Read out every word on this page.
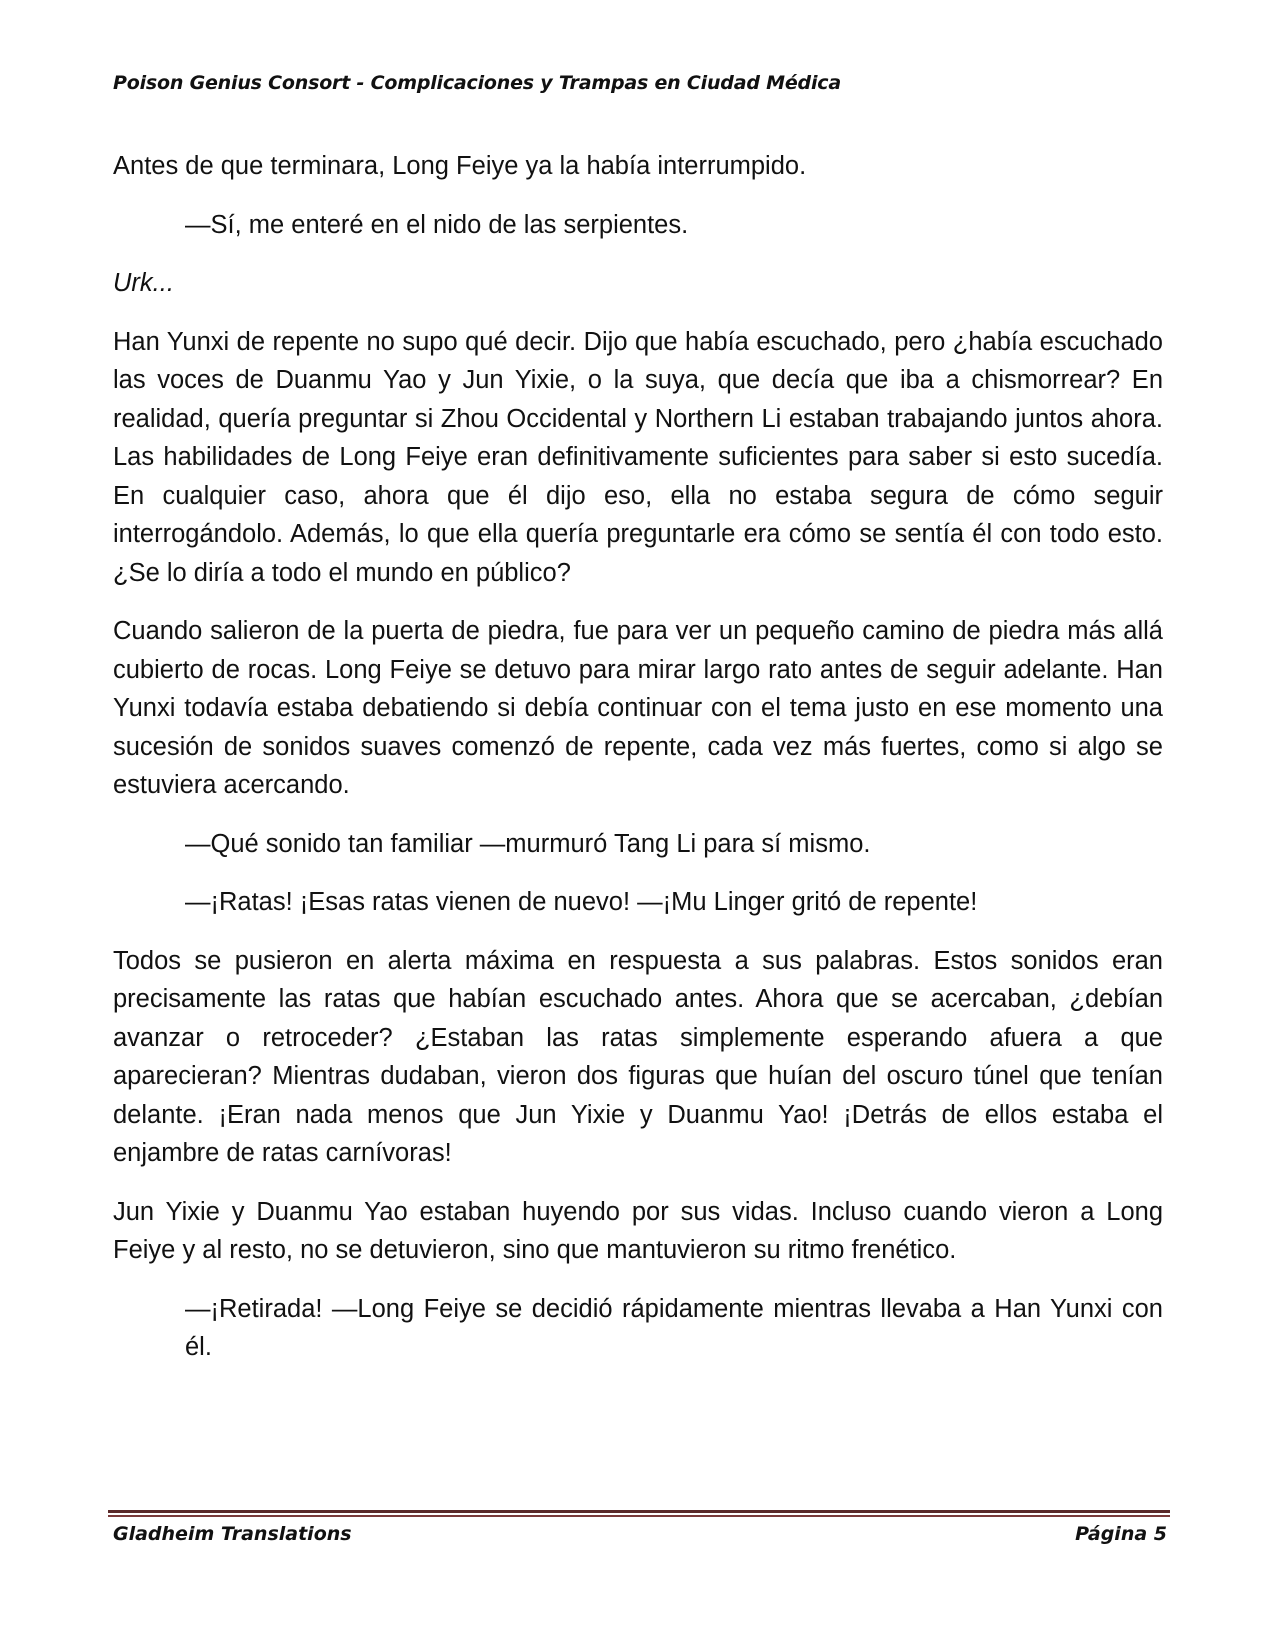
Poison Genius Consort - Complicaciones y Trampas en Ciudad Médica

Antes de que terminara, Long Feiye ya la había interrumpido.

—Sí, me enteré en el nido de las serpientes.

Urk...

Han Yunxi de repente no supo qué decir. Dijo que había escuchado, pero ¿había escuchado las voces de Duanmu Yao y Jun Yixie, o la suya, que decía que iba a chismorrear? En realidad, quería preguntar si Zhou Occidental y Northern Li estaban trabajando juntos ahora. Las habilidades de Long Feiye eran definitivamente suficientes para saber si esto sucedía. En cualquier caso, ahora que él dijo eso, ella no estaba segura de cómo seguir interrogándolo. Además, lo que ella quería preguntarle era cómo se sentía él con todo esto. ¿Se lo diría a todo el mundo en público?

Cuando salieron de la puerta de piedra, fue para ver un pequeño camino de piedra más allá cubierto de rocas. Long Feiye se detuvo para mirar largo rato antes de seguir adelante. Han Yunxi todavía estaba debatiendo si debía continuar con el tema justo en ese momento una sucesión de sonidos suaves comenzó de repente, cada vez más fuertes, como si algo se estuviera acercando.

—Qué sonido tan familiar —murmuró Tang Li para sí mismo.

—¡Ratas! ¡Esas ratas vienen de nuevo! —¡Mu Linger gritó de repente!

Todos se pusieron en alerta máxima en respuesta a sus palabras. Estos sonidos eran precisamente las ratas que habían escuchado antes. Ahora que se acercaban, ¿debían avanzar o retroceder? ¿Estaban las ratas simplemente esperando afuera a que aparecieran? Mientras dudaban, vieron dos figuras que huían del oscuro túnel que tenían delante. ¡Eran nada menos que Jun Yixie y Duanmu Yao! ¡Detrás de ellos estaba el enjambre de ratas carnívoras!

Jun Yixie y Duanmu Yao estaban huyendo por sus vidas. Incluso cuando vieron a Long Feiye y al resto, no se detuvieron, sino que mantuvieron su ritmo frenético.

—¡Retirada! —Long Feiye se decidió rápidamente mientras llevaba a Han Yunxi con él.

Gladheim Translations	Página 5
